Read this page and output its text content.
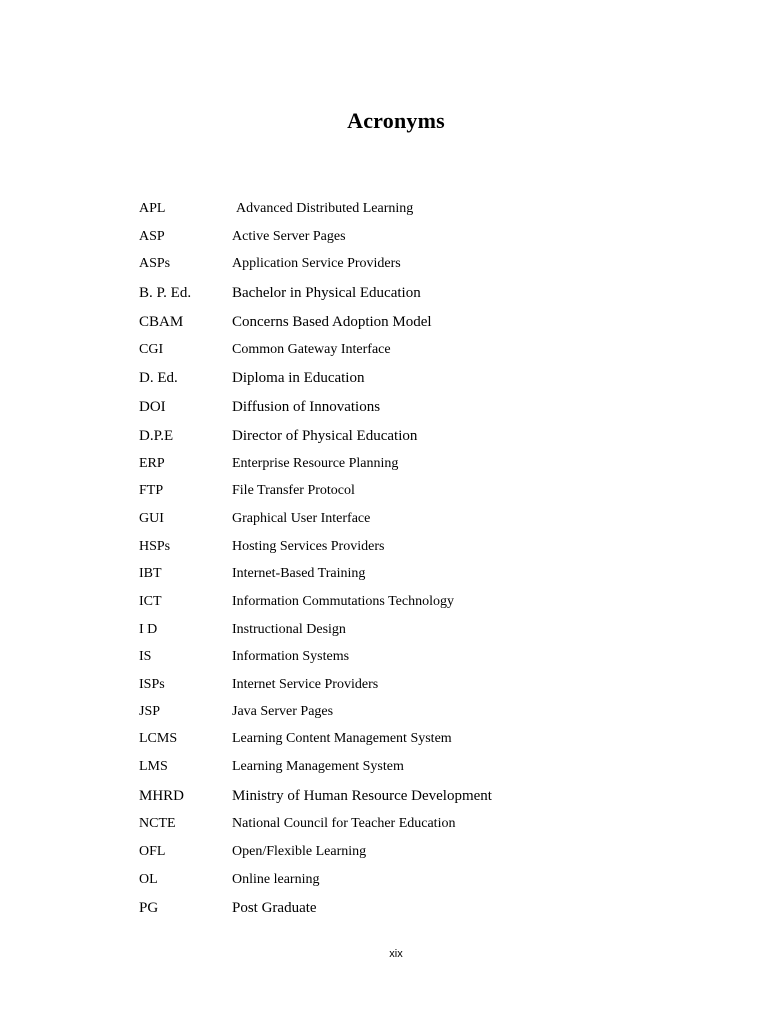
Acronyms
APL	Advanced Distributed Learning
ASP	Active Server Pages
ASPs	Application Service Providers
B. P. Ed.	Bachelor in Physical Education
CBAM	Concerns Based Adoption Model
CGI	Common Gateway Interface
D. Ed.	Diploma in Education
DOI	Diffusion of Innovations
D.P.E	Director of Physical Education
ERP	Enterprise Resource Planning
FTP	File Transfer Protocol
GUI	Graphical User Interface
HSPs	Hosting Services Providers
IBT	Internet-Based Training
ICT	Information Commutations Technology
I D	Instructional Design
IS	Information Systems
ISPs	Internet Service Providers
JSP	Java Server Pages
LCMS	Learning Content Management System
LMS	Learning Management System
MHRD	Ministry of Human Resource Development
NCTE	National Council for Teacher Education
OFL	Open/Flexible Learning
OL	Online learning
PG	Post Graduate
xix
